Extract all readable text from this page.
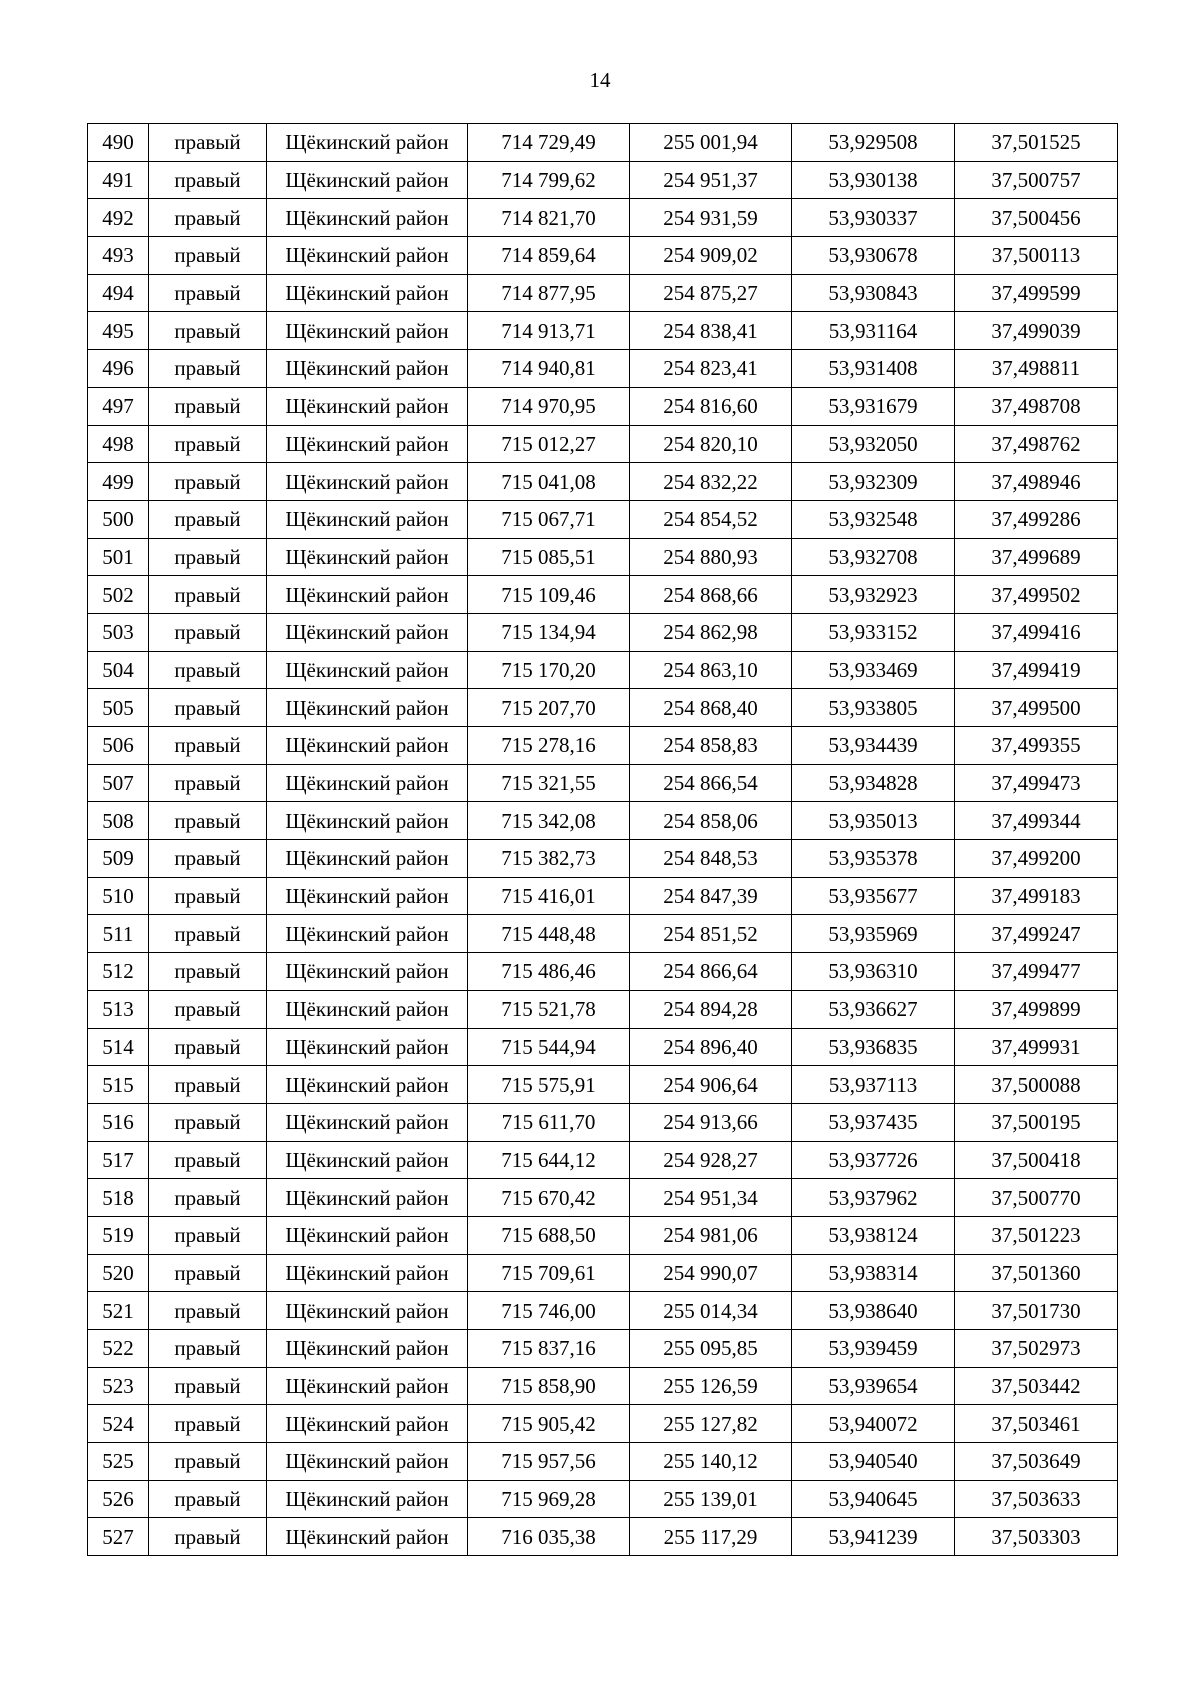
14
490	правый	Щёкинский район	714 729,49	255 001,94	53,929508	37,501525
491	правый	Щёкинский район	714 799,62	254 951,37	53,930138	37,500757
492	правый	Щёкинский район	714 821,70	254 931,59	53,930337	37,500456
493	правый	Щёкинский район	714 859,64	254 909,02	53,930678	37,500113
494	правый	Щёкинский район	714 877,95	254 875,27	53,930843	37,499599
495	правый	Щёкинский район	714 913,71	254 838,41	53,931164	37,499039
496	правый	Щёкинский район	714 940,81	254 823,41	53,931408	37,498811
497	правый	Щёкинский район	714 970,95	254 816,60	53,931679	37,498708
498	правый	Щёкинский район	715 012,27	254 820,10	53,932050	37,498762
499	правый	Щёкинский район	715 041,08	254 832,22	53,932309	37,498946
500	правый	Щёкинский район	715 067,71	254 854,52	53,932548	37,499286
501	правый	Щёкинский район	715 085,51	254 880,93	53,932708	37,499689
502	правый	Щёкинский район	715 109,46	254 868,66	53,932923	37,499502
503	правый	Щёкинский район	715 134,94	254 862,98	53,933152	37,499416
504	правый	Щёкинский район	715 170,20	254 863,10	53,933469	37,499419
505	правый	Щёкинский район	715 207,70	254 868,40	53,933805	37,499500
506	правый	Щёкинский район	715 278,16	254 858,83	53,934439	37,499355
507	правый	Щёкинский район	715 321,55	254 866,54	53,934828	37,499473
508	правый	Щёкинский район	715 342,08	254 858,06	53,935013	37,499344
509	правый	Щёкинский район	715 382,73	254 848,53	53,935378	37,499200
510	правый	Щёкинский район	715 416,01	254 847,39	53,935677	37,499183
511	правый	Щёкинский район	715 448,48	254 851,52	53,935969	37,499247
512	правый	Щёкинский район	715 486,46	254 866,64	53,936310	37,499477
513	правый	Щёкинский район	715 521,78	254 894,28	53,936627	37,499899
514	правый	Щёкинский район	715 544,94	254 896,40	53,936835	37,499931
515	правый	Щёкинский район	715 575,91	254 906,64	53,937113	37,500088
516	правый	Щёкинский район	715 611,70	254 913,66	53,937435	37,500195
517	правый	Щёкинский район	715 644,12	254 928,27	53,937726	37,500418
518	правый	Щёкинский район	715 670,42	254 951,34	53,937962	37,500770
519	правый	Щёкинский район	715 688,50	254 981,06	53,938124	37,501223
520	правый	Щёкинский район	715 709,61	254 990,07	53,938314	37,501360
521	правый	Щёкинский район	715 746,00	255 014,34	53,938640	37,501730
522	правый	Щёкинский район	715 837,16	255 095,85	53,939459	37,502973
523	правый	Щёкинский район	715 858,90	255 126,59	53,939654	37,503442
524	правый	Щёкинский район	715 905,42	255 127,82	53,940072	37,503461
525	правый	Щёкинский район	715 957,56	255 140,12	53,940540	37,503649
526	правый	Щёкинский район	715 969,28	255 139,01	53,940645	37,503633
527	правый	Щёкинский район	716 035,38	255 117,29	53,941239	37,503303
